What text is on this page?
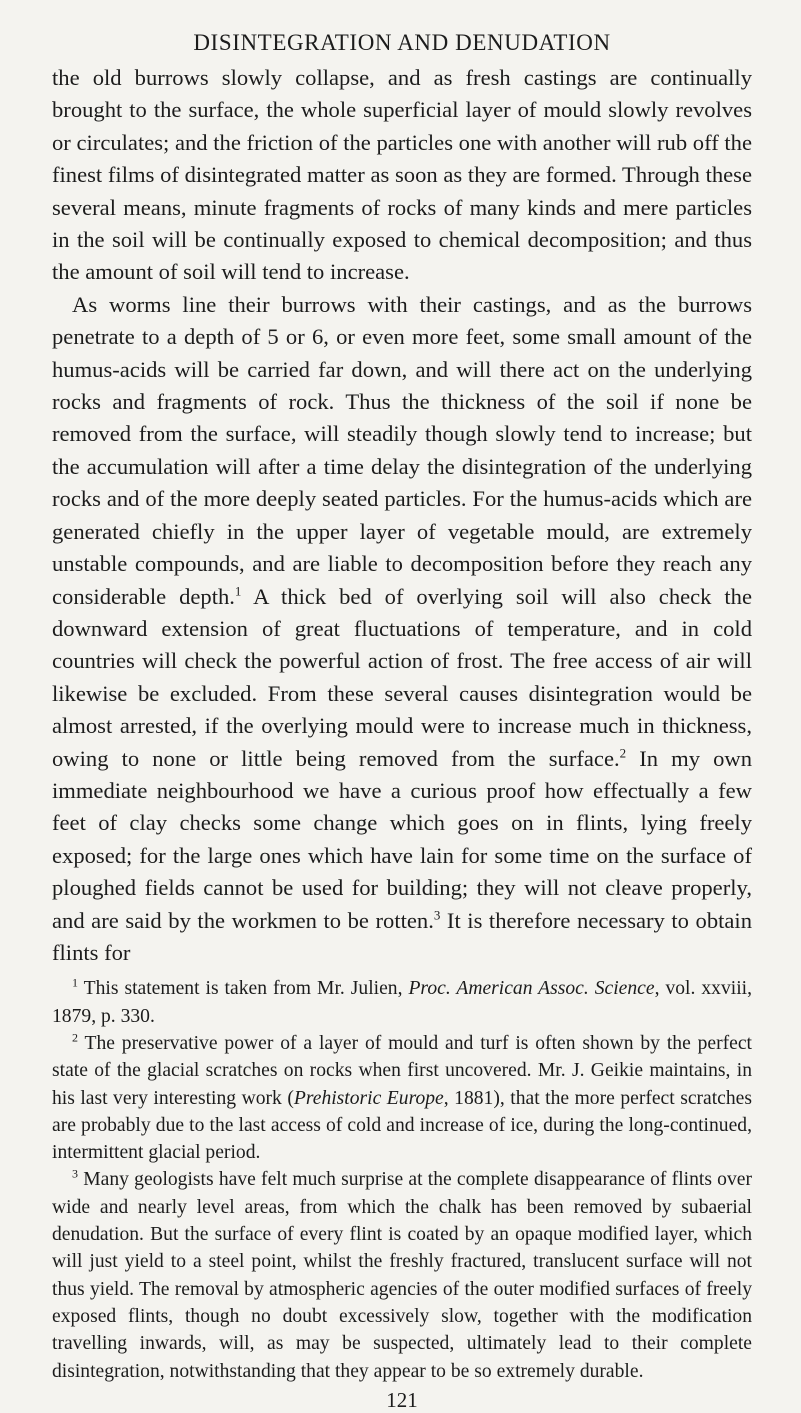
DISINTEGRATION AND DENUDATION

the old burrows slowly collapse, and as fresh castings are continually brought to the surface, the whole superficial layer of mould slowly revolves or circulates; and the friction of the particles one with another will rub off the finest films of disintegrated matter as soon as they are formed. Through these several means, minute fragments of rocks of many kinds and mere particles in the soil will be continually exposed to chemical decomposition; and thus the amount of soil will tend to increase.

As worms line their burrows with their castings, and as the burrows penetrate to a depth of 5 or 6, or even more feet, some small amount of the humus-acids will be carried far down, and will there act on the underlying rocks and fragments of rock. Thus the thickness of the soil if none be removed from the surface, will steadily though slowly tend to increase; but the accumulation will after a time delay the disintegration of the underlying rocks and of the more deeply seated particles. For the humus-acids which are generated chiefly in the upper layer of vegetable mould, are extremely unstable compounds, and are liable to decomposition before they reach any considerable depth.$^1$ A thick bed of overlying soil will also check the downward extension of great fluctuations of temperature, and in cold countries will check the powerful action of frost. The free access of air will likewise be excluded. From these several causes disintegration would be almost arrested, if the overlying mould were to increase much in thickness, owing to none or little being removed from the surface.$^2$ In my own immediate neighbourhood we have a curious proof how effectually a few feet of clay checks some change which goes on in flints, lying freely exposed; for the large ones which have lain for some time on the surface of ploughed fields cannot be used for building; they will not cleave properly, and are said by the workmen to be rotten.$^3$ It is therefore necessary to obtain flints for

$^1$ This statement is taken from Mr. Julien, Proc. American Assoc. Science, vol. xxviii, 1879, p. 330.

$^2$ The preservative power of a layer of mould and turf is often shown by the perfect state of the glacial scratches on rocks when first uncovered. Mr. J. Geikie maintains, in his last very interesting work (Prehistoric Europe, 1881), that the more perfect scratches are probably due to the last access of cold and increase of ice, during the long-continued, intermittent glacial period.

$^3$ Many geologists have felt much surprise at the complete disappearance of flints over wide and nearly level areas, from which the chalk has been removed by subaerial denudation. But the surface of every flint is coated by an opaque modified layer, which will just yield to a steel point, whilst the freshly fractured, translucent surface will not thus yield. The removal by atmospheric agencies of the outer modified surfaces of freely exposed flints, though no doubt excessively slow, together with the modification travelling inwards, will, as may be suspected, ultimately lead to their complete disintegration, notwithstanding that they appear to be so extremely durable.

121
